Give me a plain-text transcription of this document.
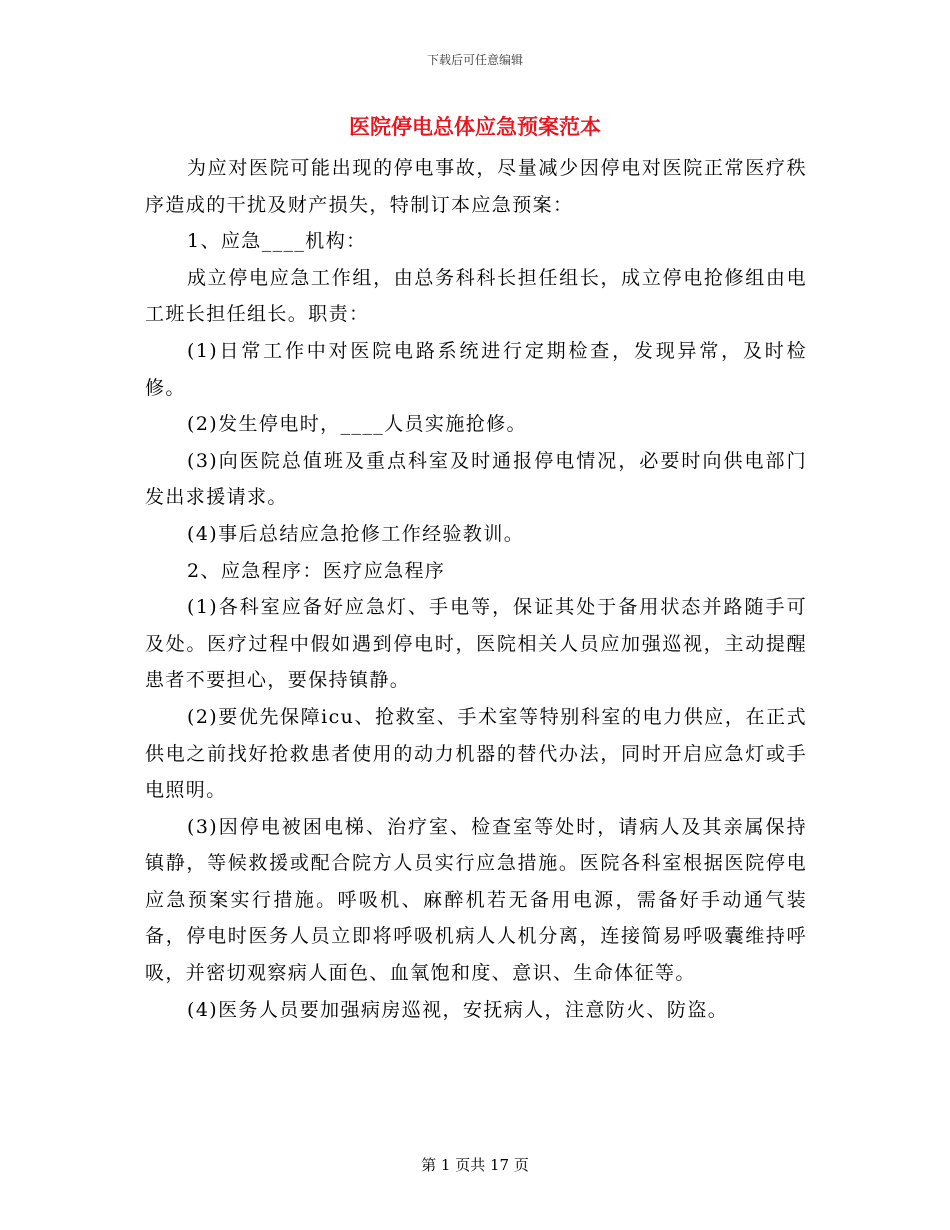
下载后可任意编辑
医院停电总体应急预案范本

为应对医院可能出现的停电事故，尽量减少因停电对医院正常医疗秩序造成的干扰及财产损失，特制订本应急预案：

1、应急____机构：

成立停电应急工作组，由总务科科长担任组长，成立停电抢修组由电工班长担任组长。职责：

(1)日常工作中对医院电路系统进行定期检查，发现异常，及时检修。

(2)发生停电时，____人员实施抢修。

(3)向医院总值班及重点科室及时通报停电情况，必要时向供电部门发出求援请求。

(4)事后总结应急抢修工作经验教训。

2、应急程序：医疗应急程序

(1)各科室应备好应急灯、手电等，保证其处于备用状态并路随手可及处。医疗过程中假如遇到停电时，医院相关人员应加强巡视，主动提醒患者不要担心，要保持镇静。

(2)要优先保障icu、抢救室、手术室等特别科室的电力供应，在正式供电之前找好抢救患者使用的动力机器的替代办法，同时开启应急灯或手电照明。

(3)因停电被困电梯、治疗室、检查室等处时，请病人及其亲属保持镇静，等候救援或配合院方人员实行应急措施。医院各科室根据医院停电应急预案实行措施。呼吸机、麻醉机若无备用电源，需备好手动通气装备，停电时医务人员立即将呼吸机病人人机分离，连接简易呼吸囊维持呼吸，并密切观察病人面色、血氧饱和度、意识、生命体征等。

(4)医务人员要加强病房巡视，安抚病人，注意防火、防盗。

第 1 页共 17 页
